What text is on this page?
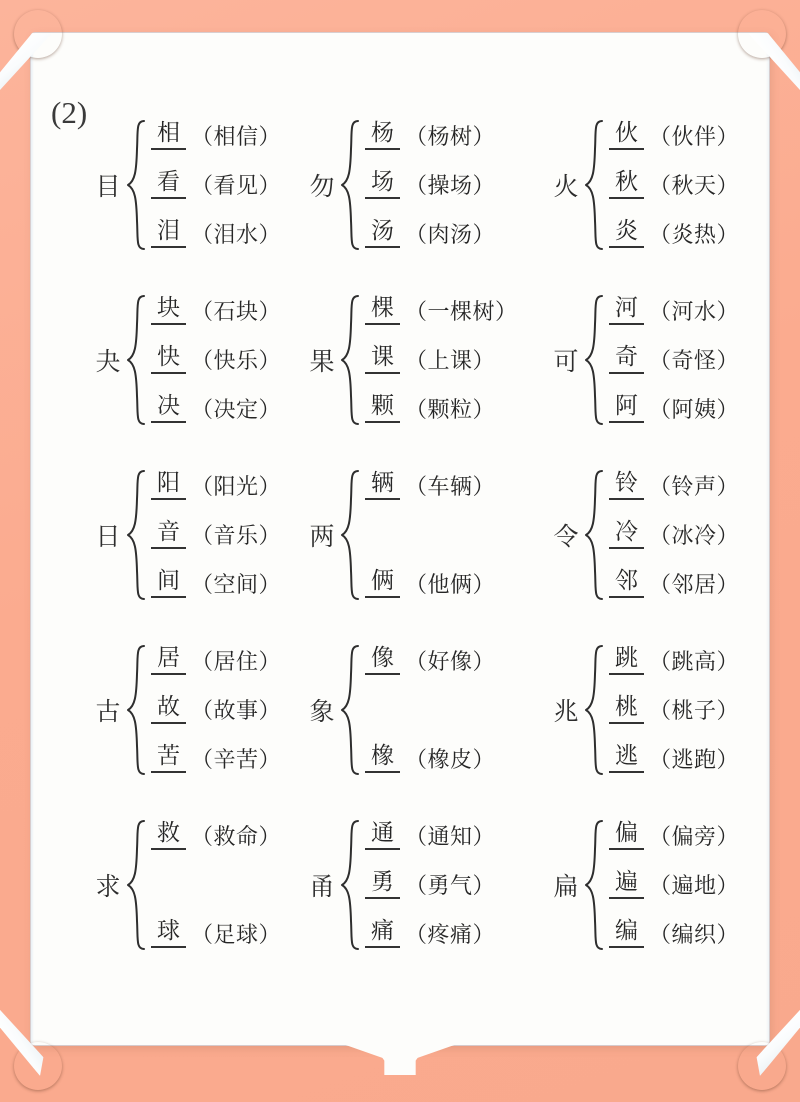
(2)
目
相 （相信）
看 （看见）
泪 （泪水）
勿
杨 （杨树）
场 （操场）
汤 （肉汤）
火
伙 （伙伴）
秋 （秋天）
炎 （炎热）
夬
块 （石块）
快 （快乐）
决 （决定）
果
棵 （一棵树）
课 （上课）
颗 （颗粒）
可
河 （河水）
奇 （奇怪）
阿 （阿姨）
日
阳 （阳光）
音 （音乐）
间 （空间）
两
辆 （车辆）
俩 （他俩）
令
铃 （铃声）
冷 （冰冷）
邻 （邻居）
古
居 （居住）
故 （故事）
苦 （辛苦）
象
像 （好像）
橡 （橡皮）
兆
跳 （跳高）
桃 （桃子）
逃 （逃跑）
求
救 （救命）
球 （足球）
甬
通 （通知）
勇 （勇气）
痛 （疼痛）
扁
偏 （偏旁）
遍 （遍地）
编 （编织）
